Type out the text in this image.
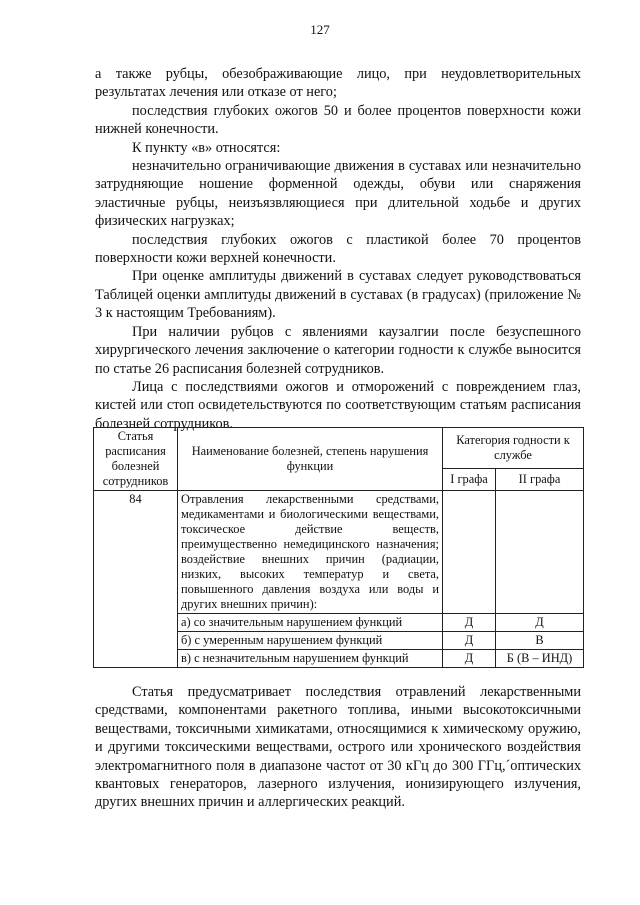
127

а также рубцы, обезображивающие лицо, при неудовлетворительных результатах лечения или отказе от него;

последствия глубоких ожогов 50 и более процентов поверхности кожи нижней конечности.

К пункту «в» относятся:

незначительно ограничивающие движения в суставах или незначительно затрудняющие ношение форменной одежды, обуви или снаряжения эластичные рубцы, неизъязвляющиеся при длительной ходьбе и других физических нагрузках;

последствия глубоких ожогов с пластикой более 70 процентов поверхности кожи верхней конечности.

При оценке амплитуды движений в суставах следует руководствоваться Таблицей оценки амплитуды движений в суставах (в градусах) (приложение № 3 к настоящим Требованиям).

При наличии рубцов с явлениями каузалгии после безуспешного хирургического лечения заключение о категории годности к службе выносится по статье 26 расписания болезней сотрудников.

Лица с последствиями ожогов и отморожений с повреждением глаз, кистей или стоп освидетельствуются по соответствующим статьям расписания болезней сотрудников.

Статья расписания болезней сотрудников	Наименование болезней, степень нарушения функции	Категория годности к службе	
		I графа	II графа
84	Отравления лекарственными средствами, медикаментами и биологическими веществами, токсическое действие веществ, преимущественно немедицинского назначения; воздействие внешних причин (радиации, низких, высоких температур и света, повышенного давления воздуха или воды и других внешних причин):		
	а) со значительным нарушением функций	Д	Д
	б) с умеренным нарушением функций	Д	В
	в) с незначительным нарушением функций	Д	Б (В – ИНД)

Статья предусматривает последствия отравлений лекарственными средствами, компонентами ракетного топлива, иными высокотоксичными веществами, токсичными химикатами, относящимися к химическому оружию, и другими токсическими веществами, острого или хронического воздействия электромагнитного поля в диапазоне частот от 30 кГц до 300 ГГц,´оптических квантовых генераторов, лазерного излучения, ионизирующего излучения, других внешних причин и аллергических реакций.
